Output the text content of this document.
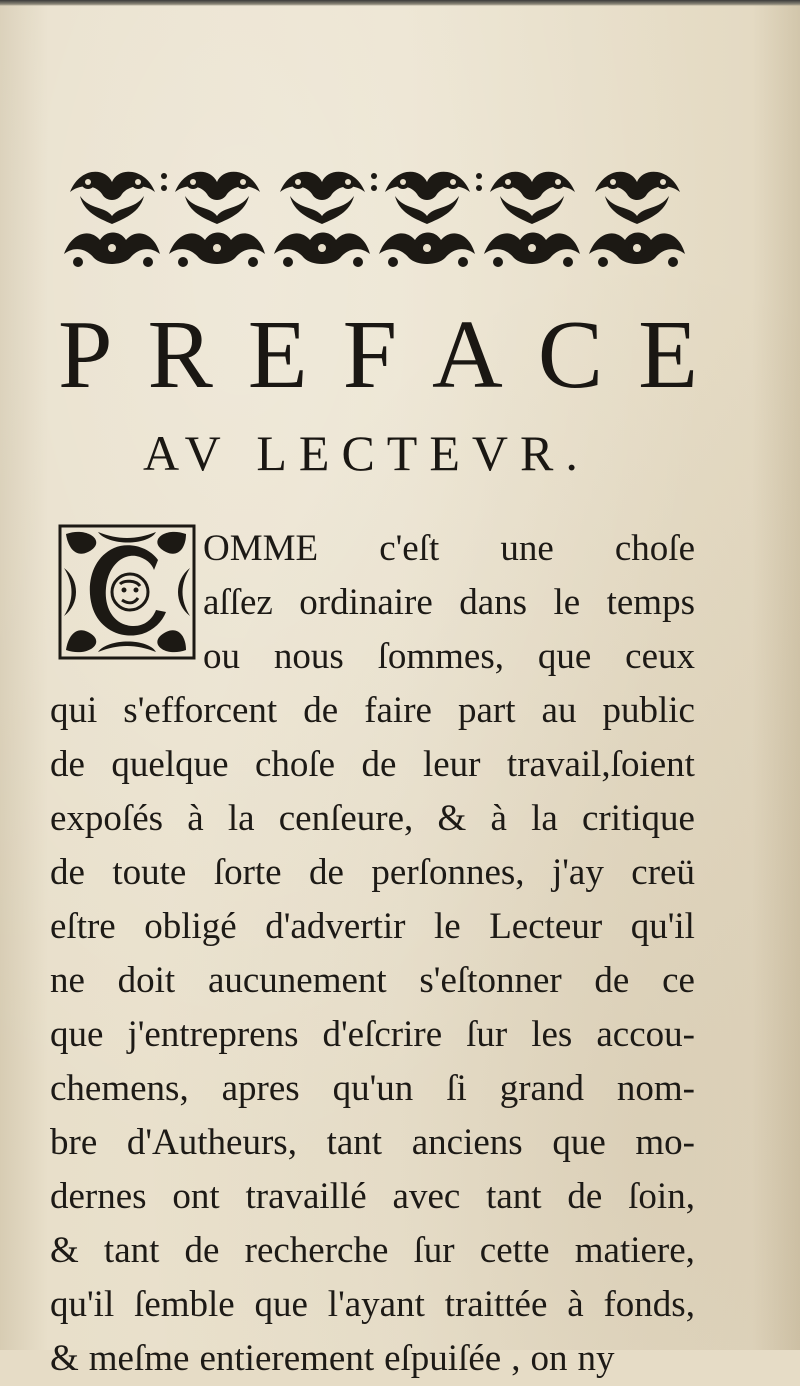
P R E F A C E
AV LECTEVR.
OMME c'eſt une choſe
aſſez ordinaire dans le temps
ou nous ſommes, que ceux
qui s'efforcent de faire part au public
de quelque choſe de leur travail,ſoient
expoſés à la cenſeure, & à la critique
de toute ſorte de perſonnes, j'ay creü
eſtre obligé d'advertir le Lecteur qu'il
ne doit aucunement s'eſtonner de ce
que j'entreprens d'eſcrire ſur les accou-
chemens, apres qu'un ſi grand nom-
bre d'Autheurs, tant anciens que mo-
dernes ont travaillé avec tant de ſoin,
& tant de recherche ſur cette matiere,
qu'il ſemble que l'ayant traittée à fonds,
& meſme entierement eſpuiſée , on ny
